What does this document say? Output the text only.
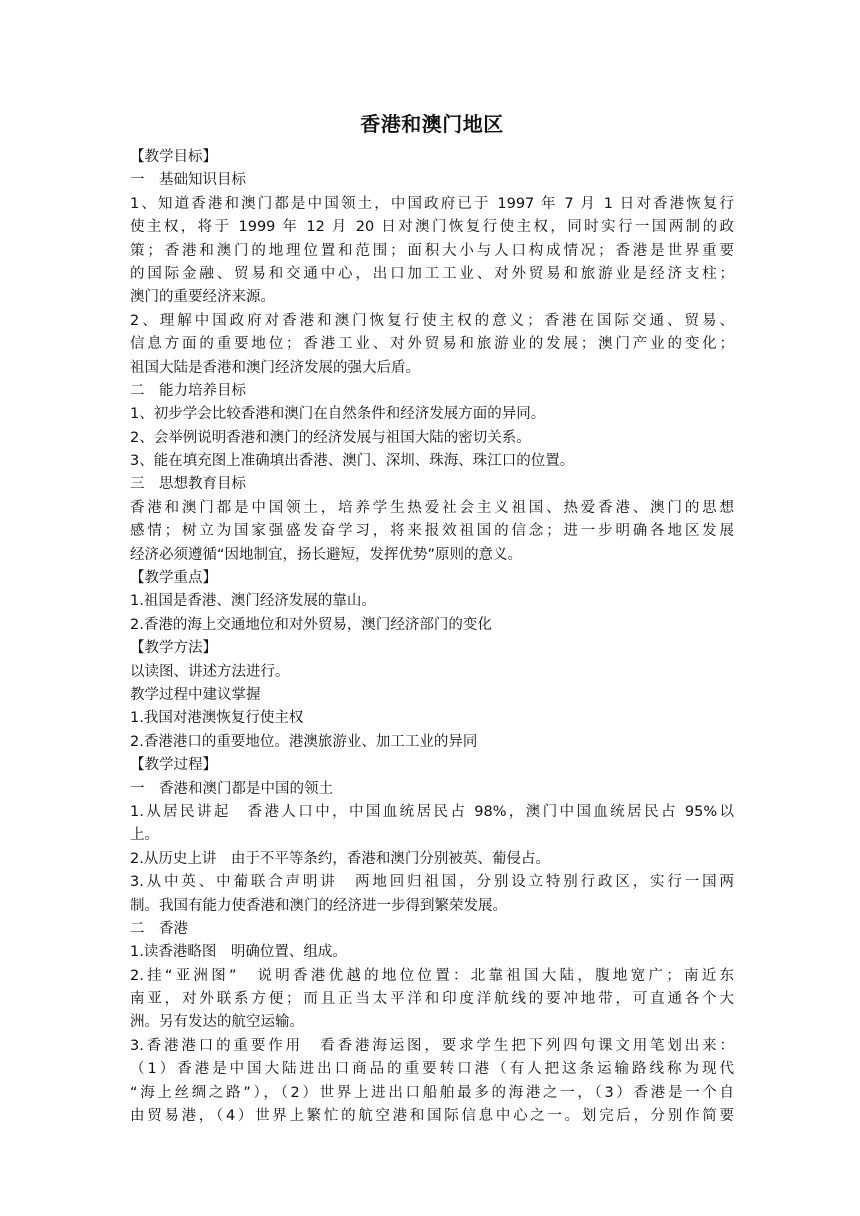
香港和澳门地区
【教学目标】
一　基础知识目标
1、知道香港和澳门都是中国领土，中国政府已于 1997 年 7 月 1 日对香港恢复行
使主权，将于 1999 年 12 月 20 日对澳门恢复行使主权，同时实行一国两制的政
策；香港和澳门的地理位置和范围；面积大小与人口构成情况；香港是世界重要
的国际金融、贸易和交通中心，出口加工工业、对外贸易和旅游业是经济支柱；
澳门的重要经济来源。
2、理解中国政府对香港和澳门恢复行使主权的意义；香港在国际交通、贸易、
信息方面的重要地位；香港工业、对外贸易和旅游业的发展；澳门产业的变化；
祖国大陆是香港和澳门经济发展的强大后盾。
二　能力培养目标
1、初步学会比较香港和澳门在自然条件和经济发展方面的异同。
2、会举例说明香港和澳门的经济发展与祖国大陆的密切关系。
3、能在填充图上准确填出香港、澳门、深圳、珠海、珠江口的位置。
三　思想教育目标
香港和澳门都是中国领土，培养学生热爱社会主义祖国、热爱香港、澳门的思想
感情；树立为国家强盛发奋学习，将来报效祖国的信念；进一步明确各地区发展
经济必须遵循“因地制宜，扬长避短，发挥优势”原则的意义。
【教学重点】
1.祖国是香港、澳门经济发展的靠山。
2.香港的海上交通地位和对外贸易，澳门经济部门的变化
【教学方法】
以读图、讲述方法进行。
教学过程中建议掌握
1.我国对港澳恢复行使主权
2.香港港口的重要地位。港澳旅游业、加工工业的异同
【教学过程】
一　香港和澳门都是中国的领土
1.从居民讲起　香港人口中，中国血统居民占 98%，澳门中国血统居民占 95%以
上。
2.从历史上讲　由于不平等条约，香港和澳门分别被英、葡侵占。
3.从中英、中葡联合声明讲　两地回归祖国，分别设立特别行政区，实行一国两
制。我国有能力使香港和澳门的经济进一步得到繁荣发展。
二　香港
1.读香港略图　明确位置、组成。
2.挂“亚洲图”　说明香港优越的地位位置：北靠祖国大陆，腹地宽广；南近东
南亚，对外联系方便；而且正当太平洋和印度洋航线的要冲地带，可直通各个大
洲。另有发达的航空运输。
3.香港港口的重要作用　看香港海运图，要求学生把下列四句课文用笔划出来：
（1）香港是中国大陆进出口商品的重要转口港（有人把这条运输路线称为现代
“海上丝绸之路”），（2）世界上进出口船舶最多的海港之一，（3）香港是一个自
由贸易港，（4）世界上繁忙的航空港和国际信息中心之一。划完后，分别作简要
